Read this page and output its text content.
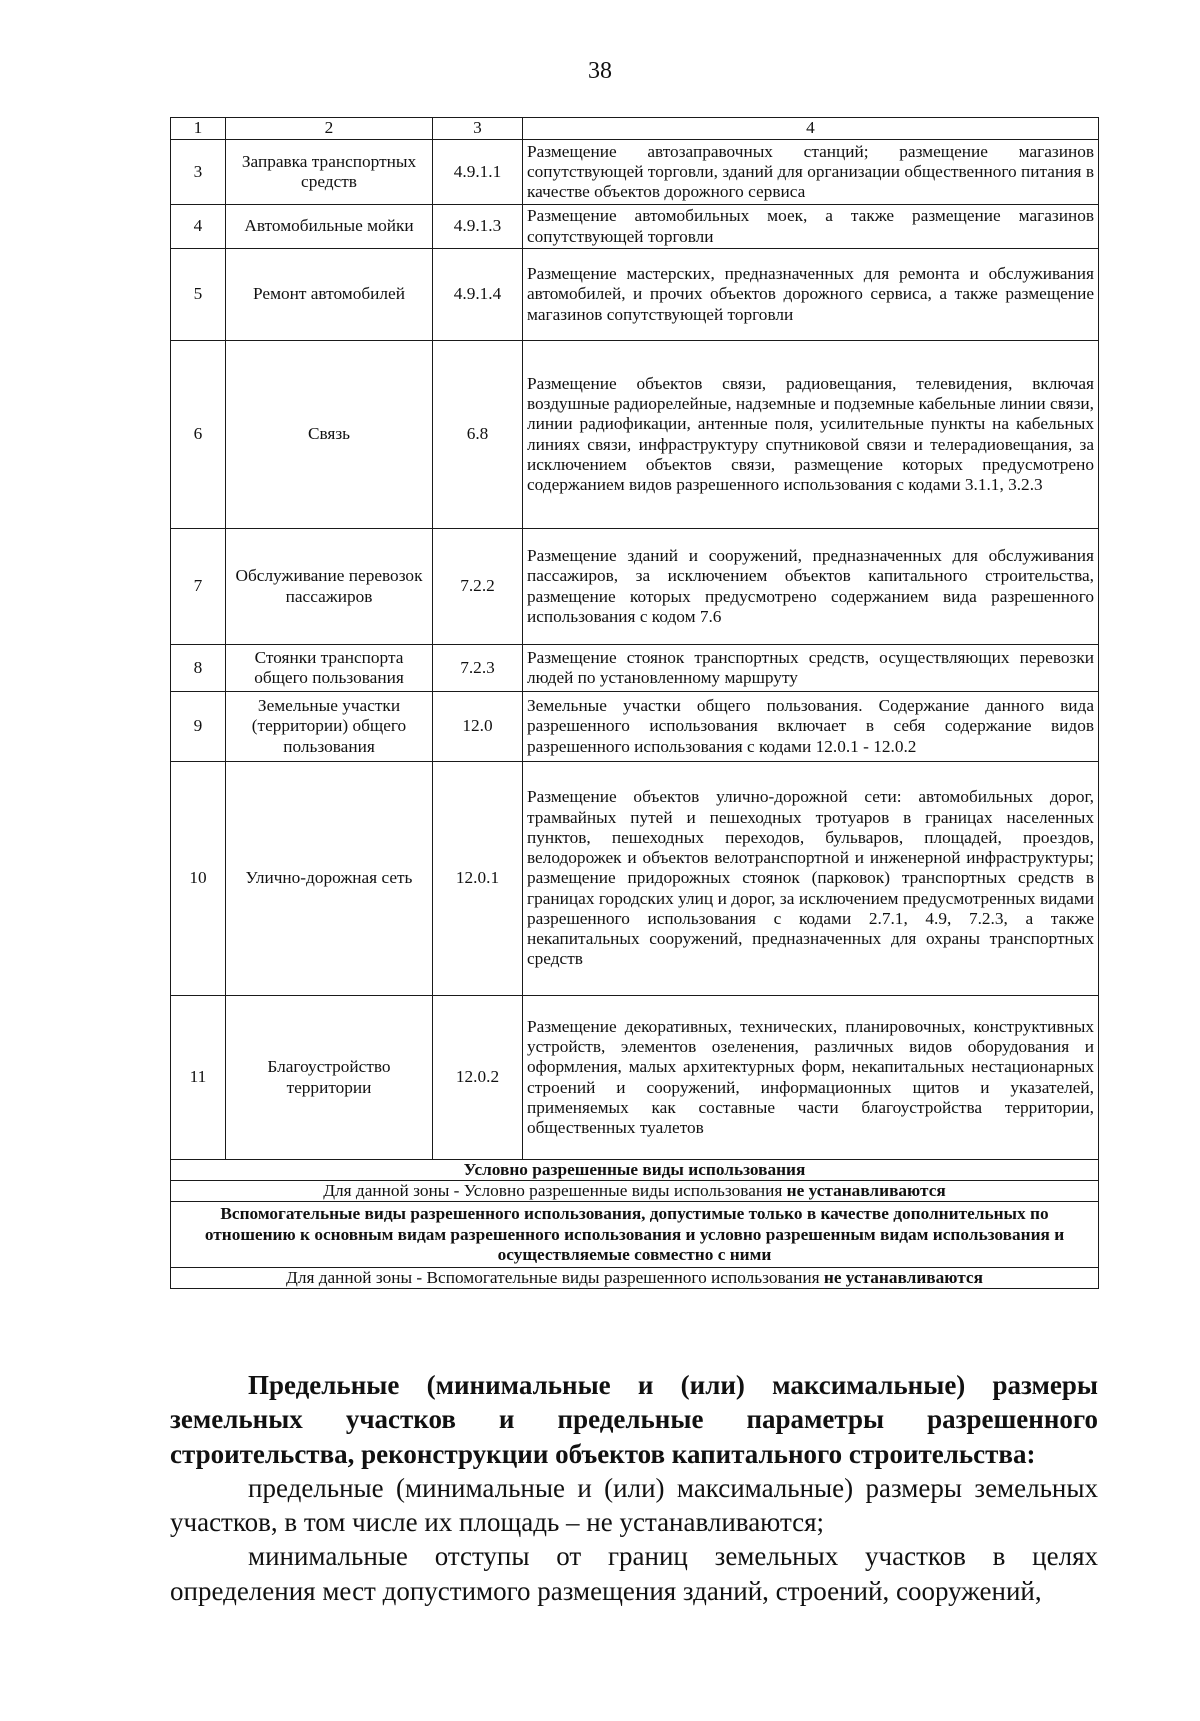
38
1	2	3	4
3	Заправка транспортных средств	4.9.1.1	Размещение автозаправочных станций; размещение магазинов сопутствующей торговли, зданий для организации общественного питания в качестве объектов дорожного сервиса
4	Автомобильные мойки	4.9.1.3	Размещение автомобильных моек, а также размещение магазинов сопутствующей торговли
5	Ремонт автомобилей	4.9.1.4	Размещение мастерских, предназначенных для ремонта и обслуживания автомобилей, и прочих объектов дорожного сервиса, а также размещение магазинов сопутствующей торговли
6	Связь	6.8	Размещение объектов связи, радиовещания, телевидения, включая воздушные радиорелейные, надземные и подземные кабельные линии связи, линии радиофикации, антенные поля, усилительные пункты на кабельных линиях связи, инфраструктуру спутниковой связи и телерадиовещания, за исключением объектов связи, размещение которых предусмотрено содержанием видов разрешенного использования с кодами 3.1.1, 3.2.3
7	Обслуживание перевозок пассажиров	7.2.2	Размещение зданий и сооружений, предназначенных для обслуживания пассажиров, за исключением объектов капитального строительства, размещение которых предусмотрено содержанием вида разрешенного использования с кодом 7.6
8	Стоянки транспорта общего пользования	7.2.3	Размещение стоянок транспортных средств, осуществляющих перевозки людей по установленному маршруту
9	Земельные участки (территории) общего пользования	12.0	Земельные участки общего пользования. Содержание данного вида разрешенного использования включает в себя содержание видов разрешенного использования с кодами 12.0.1 - 12.0.2
10	Улично-дорожная сеть	12.0.1	Размещение объектов улично-дорожной сети: автомобильных дорог, трамвайных путей и пешеходных тротуаров в границах населенных пунктов, пешеходных переходов, бульваров, площадей, проездов, велодорожек и объектов велотранспортной и инженерной инфраструктуры; размещение придорожных стоянок (парковок) транспортных средств в границах городских улиц и дорог, за исключением предусмотренных видами разрешенного использования с кодами 2.7.1, 4.9, 7.2.3, а также некапитальных сооружений, предназначенных для охраны транспортных средств
11	Благоустройство территории	12.0.2	Размещение декоративных, технических, планировочных, конструктивных устройств, элементов озеленения, различных видов оборудования и оформления, малых архитектурных форм, некапитальных нестационарных строений и сооружений, информационных щитов и указателей, применяемых как составные части благоустройства территории, общественных туалетов
Условно разрешенные виды использования			
Для данной зоны - Условно разрешенные виды использования не устанавливаются			
Вспомогательные виды разрешенного использования, допустимые только в качестве дополнительных по отношению к основным видам разрешенного использования и условно разрешенным видам использования и осуществляемые совместно с ними			
Для данной зоны - Вспомогательные виды разрешенного использования не устанавливаются			

Предельные (минимальные и (или) максимальные) размеры земельных участков и предельные параметры разрешенного строительства, реконструкции объектов капитального строительства:

предельные (минимальные и (или) максимальные) размеры земельных участков, в том числе их площадь – не устанавливаются;

минимальные отступы от границ земельных участков в целях определения мест допустимого размещения зданий, строений, сооружений,
